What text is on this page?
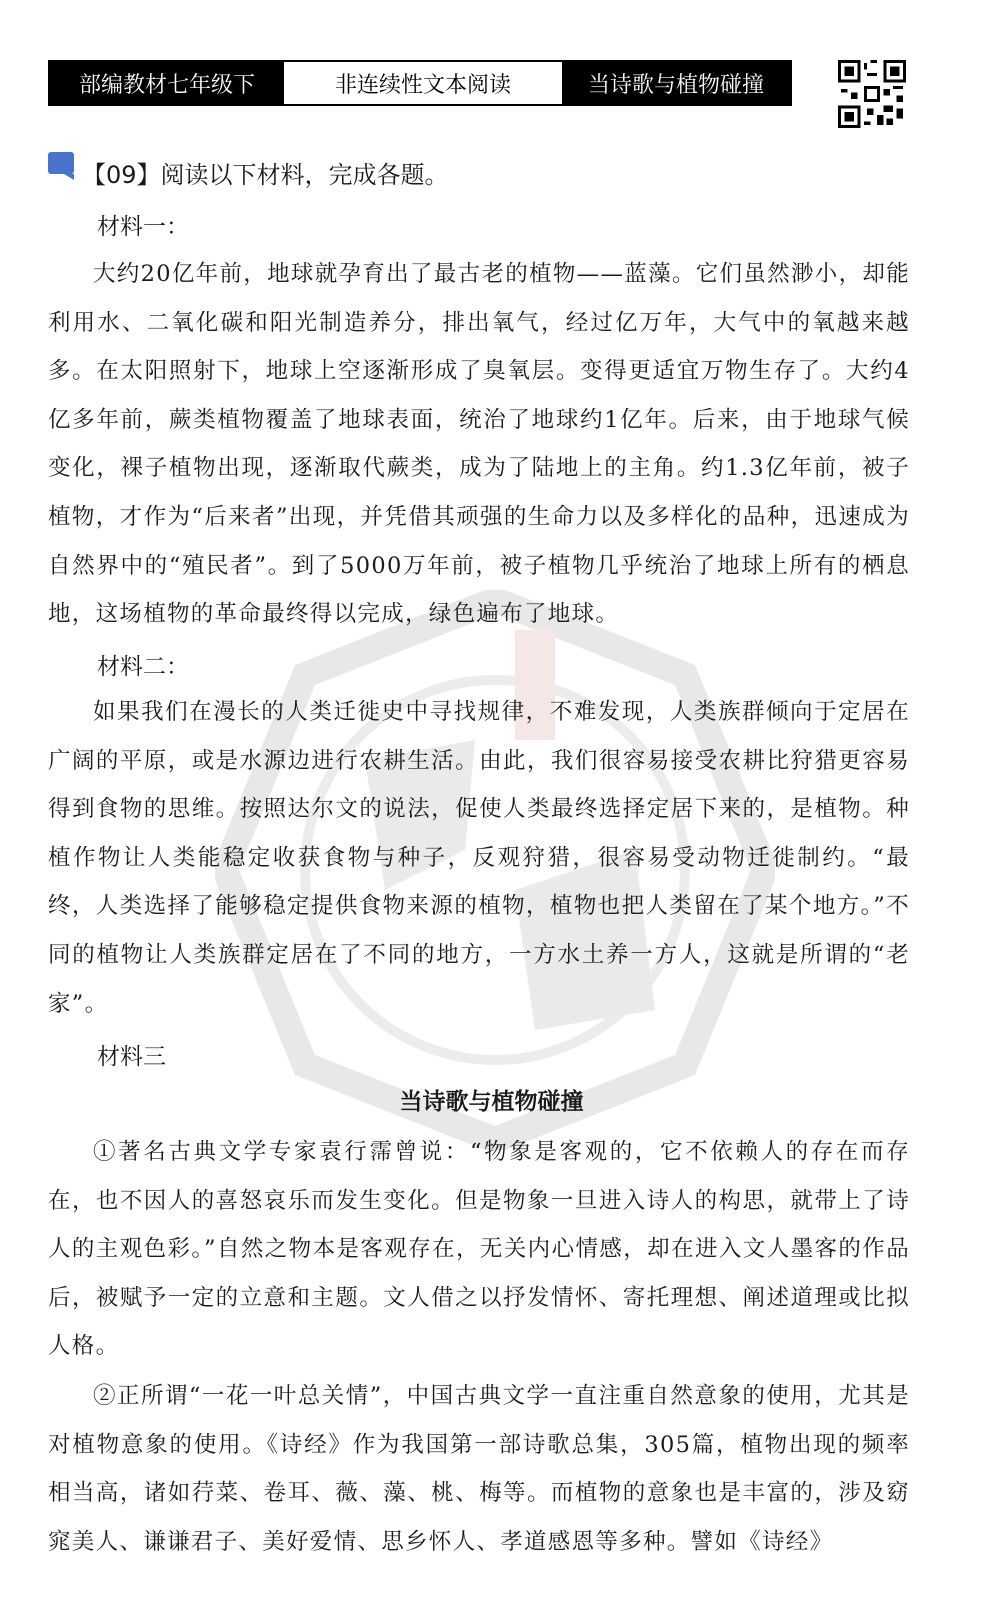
部编教材七年级下	非连续性文本阅读	当诗歌与植物碰撞
【09】 阅读以下材料，完成各题。
材料一：

大约20亿年前，地球就孕育出了最古老的植物——蓝藻。它们虽然渺小，却能利用水、二氧化碳和阳光制造养分，排出氧气，经过亿万年，大气中的氧越来越多。在太阳照射下，地球上空逐渐形成了臭氧层。变得更适宜万物生存了。大约4亿多年前，蕨类植物覆盖了地球表面，统治了地球约1亿年。后来，由于地球气候变化，裸子植物出现，逐渐取代蕨类，成为了陆地上的主角。约1.3亿年前，被子植物，才作为“后来者”出现，并凭借其顽强的生命力以及多样化的品种，迅速成为自然界中的“殖民者”。到了5000万年前，被子植物几乎统治了地球上所有的栖息地，这场植物的革命最终得以完成，绿色遍布了地球。

材料二：

如果我们在漫长的人类迁徙史中寻找规律，不难发现，人类族群倾向于定居在广阔的平原，或是水源边进行农耕生活。由此，我们很容易接受农耕比狩猎更容易得到食物的思维。按照达尔文的说法，促使人类最终选择定居下来的，是植物。种植作物让人类能稳定收获食物与种子，反观狩猎，很容易受动物迁徙制约。“最终，人类选择了能够稳定提供食物来源的植物，植物也把人类留在了某个地方。”不同的植物让人类族群定居在了不同的地方，一方水土养一方人，这就是所谓的“老家”。

材料三
当诗歌与植物碰撞

①著名古典文学专家袁行霈曾说：“物象是客观的，它不依赖人的存在而存在，也不因人的喜怒哀乐而发生变化。但是物象一旦进入诗人的构思，就带上了诗人的主观色彩。”自然之物本是客观存在，无关内心情感，却在进入文人墨客的作品后，被赋予一定的立意和主题。文人借之以抒发情怀、寄托理想、阐述道理或比拟人格。

②正所谓“一花一叶总关情”，中国古典文学一直注重自然意象的使用，尤其是对植物意象的使用。《诗经》作为我国第一部诗歌总集，305篇，植物出现的频率相当高，诸如荇菜、卷耳、薇、藻、桃、梅等。而植物的意象也是丰富的，涉及窈窕美人、谦谦君子、美好爱情、思乡怀人、孝道感恩等多种。譬如《诗经》
